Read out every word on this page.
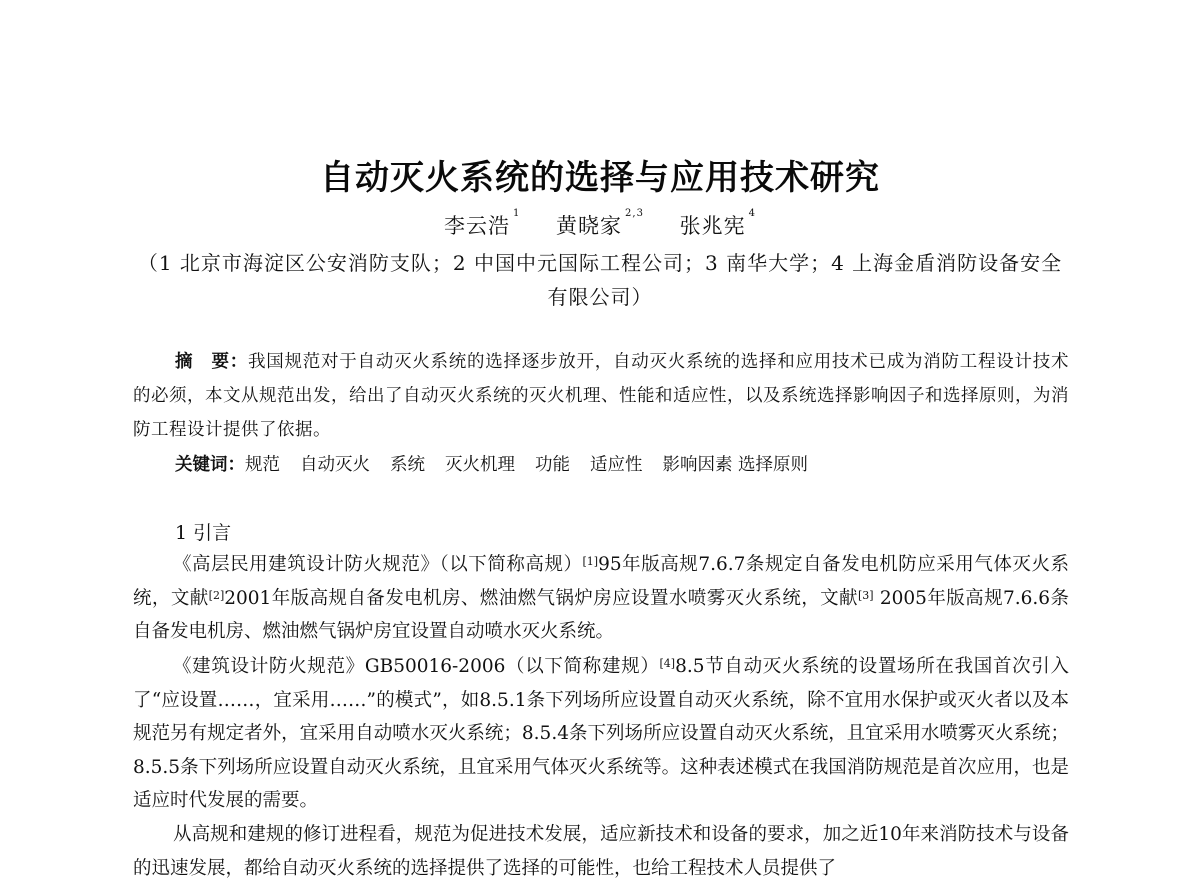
自动灭火系统的选择与应用技术研究
李云浩$^1$ 黄晓家$^{2,3}$ 张兆宪$^4$
（1 北京市海淀区公安消防支队；2 中国中元国际工程公司；3 南华大学；4 上海金盾消防设备安全有限公司）
摘　要：我国规范对于自动灭火系统的选择逐步放开，自动灭火系统的选择和应用技术已成为消防工程设计技术的必须，本文从规范出发，给出了自动灭火系统的灭火机理、性能和适应性，以及系统选择影响因子和选择原则，为消防工程设计提供了依据。
关键词：规范 自动灭火 系统 灭火机理 功能 适应性 影响因素 选择原则
1 引言

《高层民用建筑设计防火规范》（以下简称高规）[1]95年版高规7.6.7条规定自备发电机防应采用气体灭火系统，文献[2]2001年版高规自备发电机房、燃油燃气锅炉房应设置水喷雾灭火系统，文献[3] 2005年版高规7.6.6条自备发电机房、燃油燃气锅炉房宜设置自动喷水灭火系统。

《建筑设计防火规范》GB50016-2006（以下简称建规）[4]8.5节自动灭火系统的设置场所在我国首次引入了“应设置……，宜采用……”的模式”，如8.5.1条下列场所应设置自动灭火系统，除不宜用水保护或灭火者以及本规范另有规定者外，宜采用自动喷水灭火系统；8.5.4条下列场所应设置自动灭火系统，且宜采用水喷雾灭火系统；8.5.5条下列场所应设置自动灭火系统，且宜采用气体灭火系统等。这种表述模式在我国消防规范是首次应用，也是适应时代发展的需要。

从高规和建规的修订进程看，规范为促进技术发展，适应新技术和设备的要求，加之近10年来消防技术与设备的迅速发展，都给自动灭火系统的选择提供了选择的可能性，也给工程技术人员提供了
